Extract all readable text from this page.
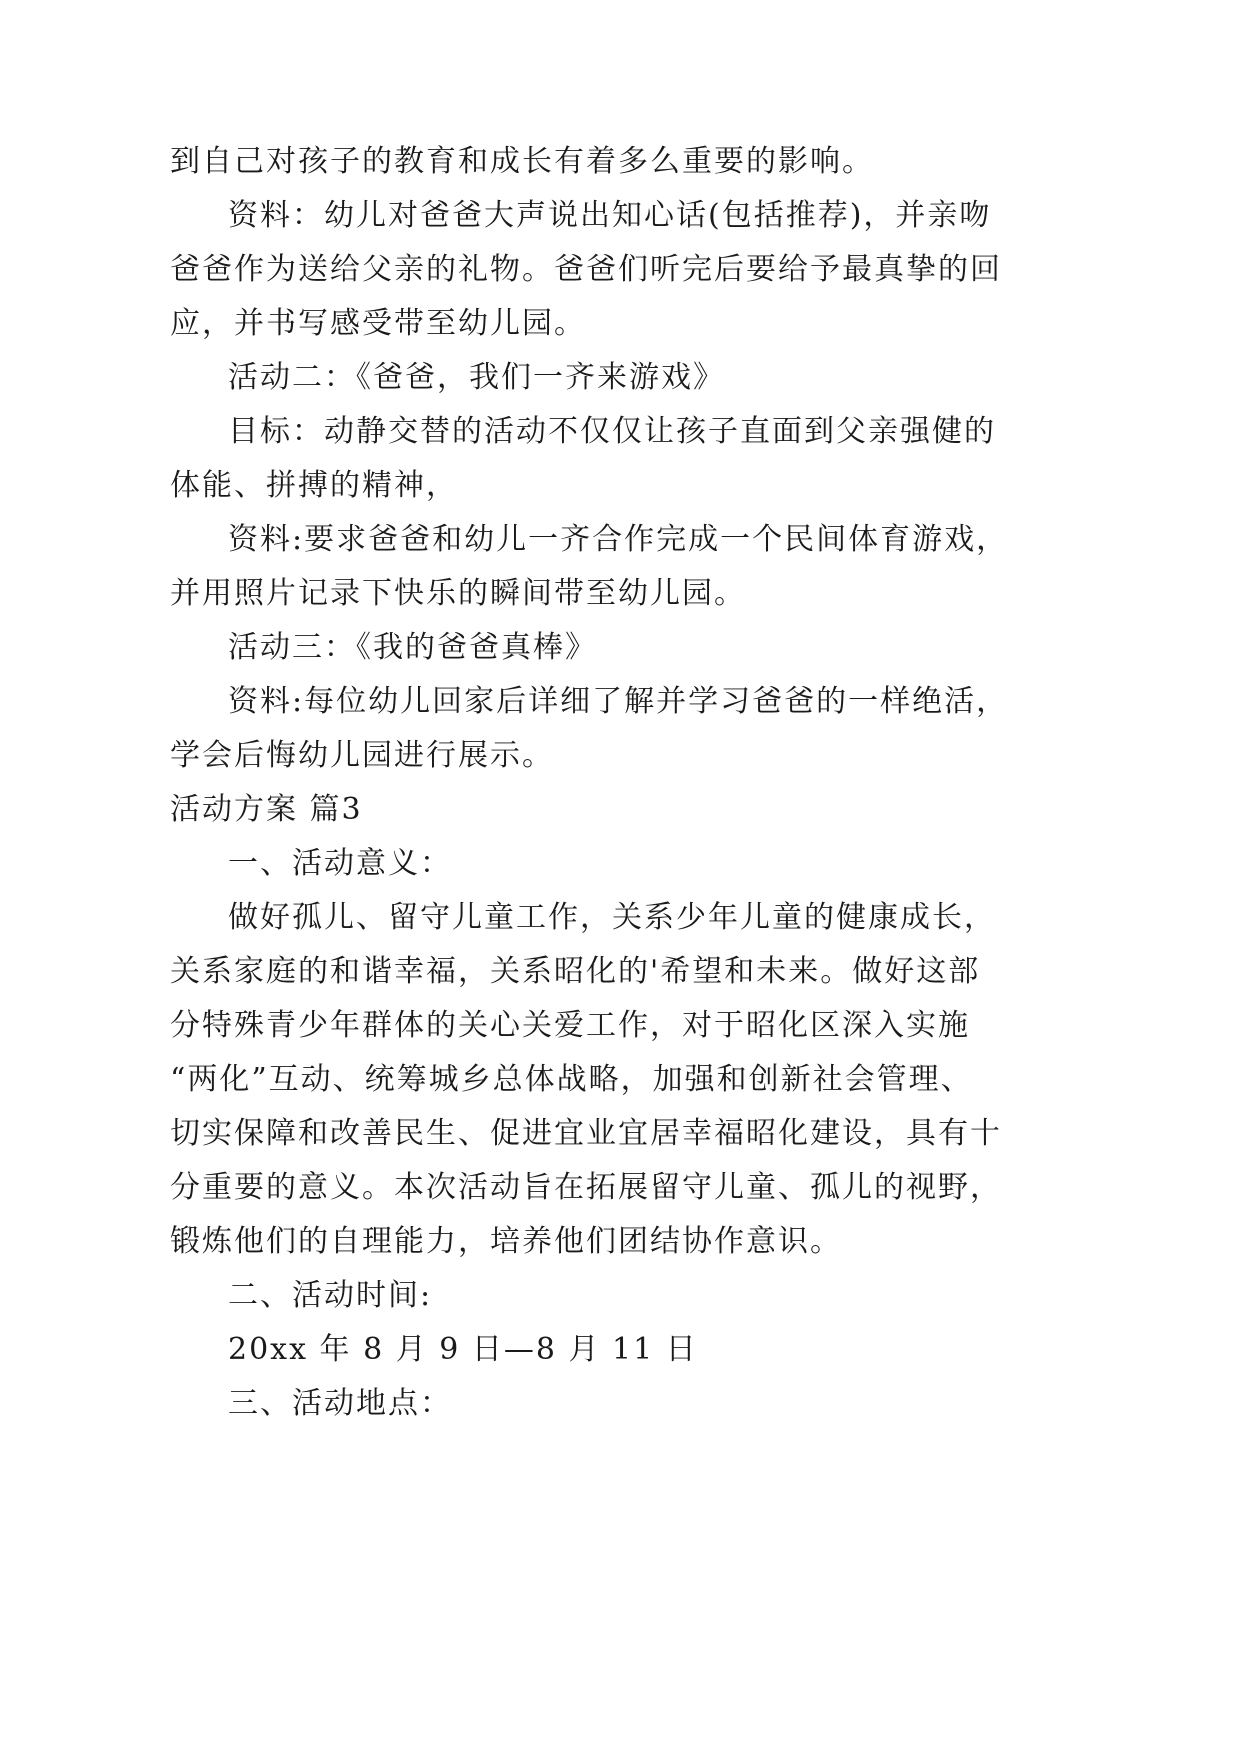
到自己对孩子的教育和成长有着多么重要的影响。
资料：幼儿对爸爸大声说出知心话(包括推荐)，并亲吻
爸爸作为送给父亲的礼物。爸爸们听完后要给予最真挚的回
应，并书写感受带至幼儿园。
活动二：《爸爸，我们一齐来游戏》
目标：动静交替的活动不仅仅让孩子直面到父亲强健的
体能、拼搏的精神，
资料:要求爸爸和幼儿一齐合作完成一个民间体育游戏，
并用照片记录下快乐的瞬间带至幼儿园。
活动三：《我的爸爸真棒》
资料:每位幼儿回家后详细了解并学习爸爸的一样绝活，
学会后悔幼儿园进行展示。
活动方案 篇3
一、活动意义：
做好孤儿、留守儿童工作，关系少年儿童的健康成长，
关系家庭的和谐幸福，关系昭化的'希望和未来。做好这部
分特殊青少年群体的关心关爱工作，对于昭化区深入实施
“两化”互动、统筹城乡总体战略，加强和创新社会管理、
切实保障和改善民生、促进宜业宜居幸福昭化建设，具有十
分重要的意义。本次活动旨在拓展留守儿童、孤儿的视野，
锻炼他们的自理能力，培养他们团结协作意识。
二、活动时间:
20xx 年 8 月 9 日—8 月 11 日
三、活动地点：
